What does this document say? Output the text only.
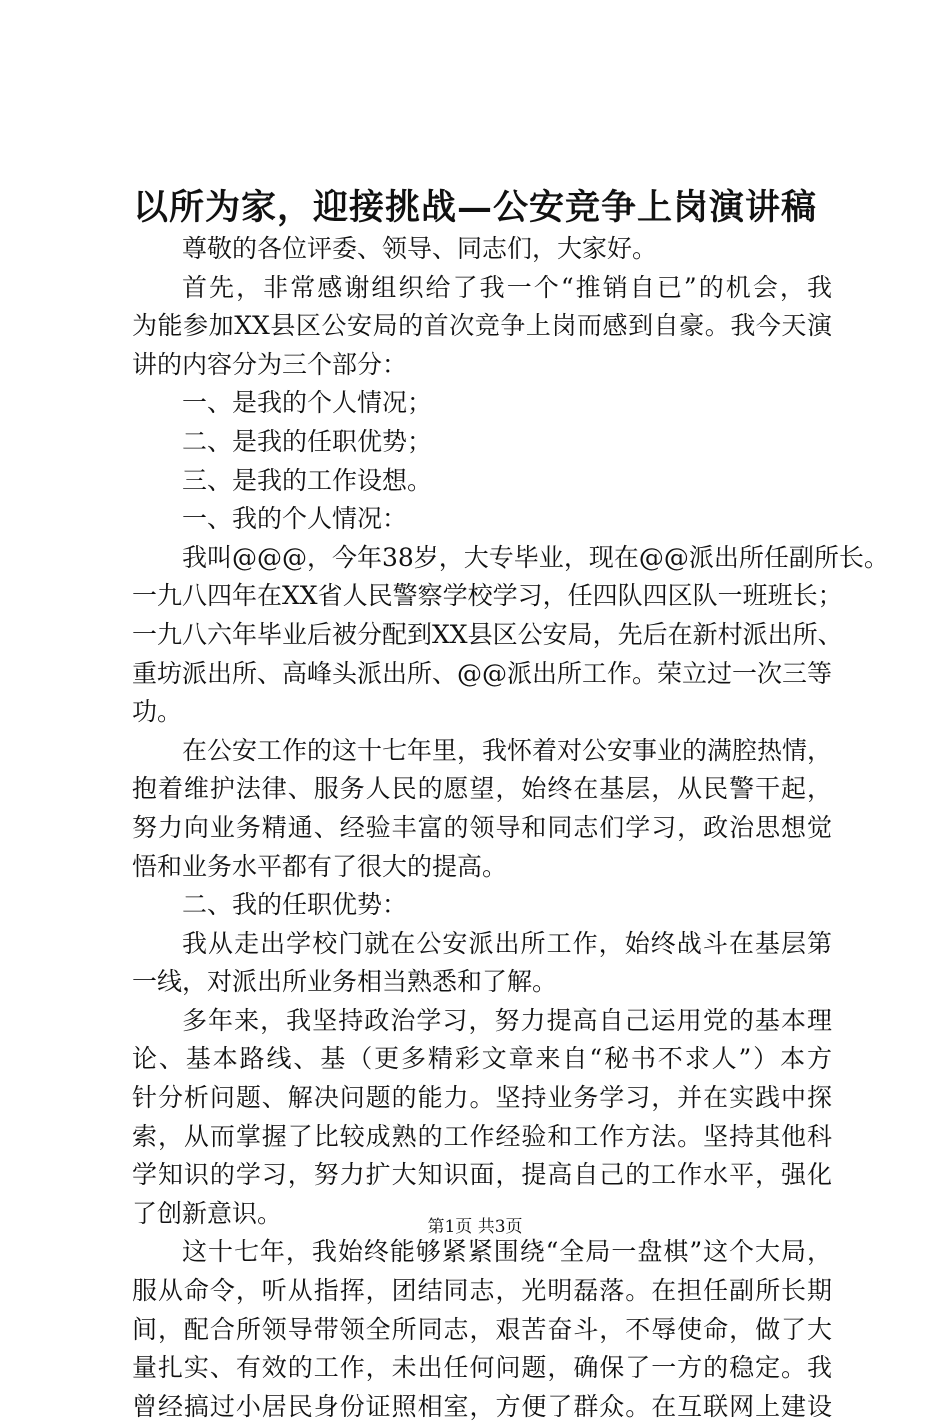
以所为家，迎接挑战—公安竞争上岗演讲稿
尊敬的各位评委、领导、同志们，大家好。
首先，非常感谢组织给了我一个“推销自已”的机会，我
为能参加XX县区公安局的首次竞争上岗而感到自豪。我今天演
讲的内容分为三个部分：
一、是我的个人情况；
二、是我的任职优势；
三、是我的工作设想。
一、我的个人情况：
我叫@@@，今年38岁，大专毕业，现在@@派出所任副所长。
一九八四年在XX省人民警察学校学习，任四队四区队一班班长；
一九八六年毕业后被分配到XX县区公安局，先后在新村派出所、
重坊派出所、高峰头派出所、@@派出所工作。荣立过一次三等
功。
在公安工作的这十七年里，我怀着对公安事业的满腔热情，
抱着维护法律、服务人民的愿望，始终在基层，从民警干起，
努力向业务精通、经验丰富的领导和同志们学习，政治思想觉
悟和业务水平都有了很大的提高。
二、我的任职优势：
我从走出学校门就在公安派出所工作，始终战斗在基层第
一线，对派出所业务相当熟悉和了解。
多年来，我坚持政治学习，努力提高自己运用党的基本理
论、基本路线、基（更多精彩文章来自“秘书不求人”）本方
针分析问题、解决问题的能力。坚持业务学习，并在实践中探
索，从而掌握了比较成熟的工作经验和工作方法。坚持其他科
学知识的学习，努力扩大知识面，提高自己的工作水平，强化
了创新意识。
这十七年，我始终能够紧紧围绕“全局一盘棋”这个大局，
服从命令，听从指挥，团结同志，光明磊落。在担任副所长期
间，配合所领导带领全所同志，艰苦奋斗，不辱使命，做了大
量扎实、有效的工作，未出任何问题，确保了一方的稳定。我
曾经搞过小居民身份证照相室，方便了群众。在互联网上建设
第1页 共3页
